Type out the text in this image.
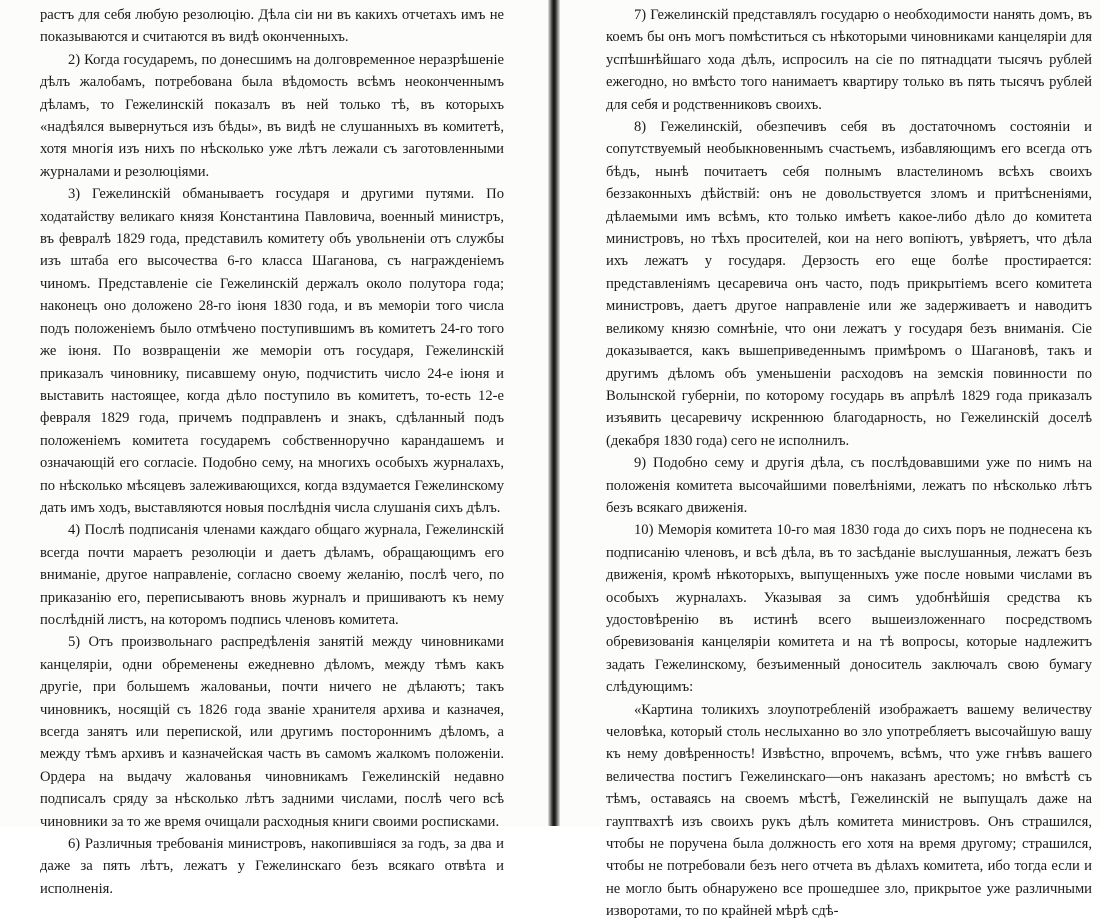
растъ для себя любую резолюцію. Дѣла сіи ни въ какихъ отчетахъ имъ не показываются и считаются въ видѣ оконченныхъ.

2) Когда государемъ, по донесшимъ на долговременное неразрѣшеніе дѣлъ жалобамъ, потребована была вѣдомость всѣмъ неоконченнымъ дѣламъ, то Гежелинскій показалъ въ ней только тѣ, въ которыхъ «надѣялся вывернуться изъ бѣды», въ видѣ не слушанныхъ въ комитетѣ, хотя многія изъ нихъ по нѣсколько уже лѣтъ лежали съ заготовленными журналами и резолюціями.

3) Гежелинскій обманываетъ государя и другими путями. По ходатайству великаго князя Константина Павловича, военный министръ, въ февралѣ 1829 года, представилъ комитету объ увольненіи отъ службы изъ штаба его высочества 6-го класса Шаганова, съ награжденіемъ чиномъ. Представленіе сіе Гежелинскій держалъ около полутора года; наконецъ оно доложено 28-го іюня 1830 года, и въ меморіи того числа подъ положеніемъ было отмѣчено поступившимъ въ комитетъ 24-го того же іюня. По возвращеніи же меморіи отъ государя, Гежелинскій приказалъ чиновнику, писавшему оную, подчистить число 24-е іюня и выставить настоящее, когда дѣло поступило въ комитетъ, то-есть 12-е февраля 1829 года, причемъ подправленъ и знакъ, сдѣланный подъ положеніемъ комитета государемъ собственноручно карандашемъ и означающій его согласіе. Подобно сему, на многихъ особыхъ журналахъ, по нѣсколько мѣсяцевъ залеживающихся, когда вздумается Гежелинскому дать имъ ходъ, выставляются новыя послѣднія числа слушанія сихъ дѣлъ.

4) Послѣ подписанія членами каждаго общаго журнала, Гежелинскій всегда почти мараетъ резолюціи и даетъ дѣламъ, обращающимъ его вниманіе, другое направленіе, согласно своему желанію, послѣ чего, по приказанію его, переписываютъ вновь журналъ и пришиваютъ къ нему послѣдній листъ, на которомъ подпись членовъ комитета.

5) Отъ произвольнаго распредѣленія занятій между чиновниками канцеляріи, одни обременены ежедневно дѣломъ, между тѣмъ какъ другіе, при большемъ жалованьи, почти ничего не дѣлаютъ; такъ чиновникъ, носящій съ 1826 года званіе хранителя архива и казначея, всегда занятъ или перепиской, или другимъ постороннимъ дѣломъ, а между тѣмъ архивъ и казначейская часть въ самомъ жалкомъ положеніи. Ордера на выдачу жалованья чиновникамъ Гежелинскій недавно подписалъ сряду за нѣсколько лѣтъ задними числами, послѣ чего всѣ чиновники за то же время очищали расходныя книги своими росписками.

6) Различныя требованія министровъ, накопившіяся за годъ, за два и даже за пять лѣтъ, лежатъ у Гежелинскаго безъ всякаго отвѣта и исполненія.

7) Гежелинскій представлялъ государю о необходимости нанять домъ, въ коемъ бы онъ могъ помѣститься съ нѣкоторыми чиновниками канцеляріи для успѣшнѣйшаго хода дѣлъ, испросилъ на сіе по пятнадцати тысячъ рублей ежегодно, но вмѣсто того нанимаетъ квартиру только въ пять тысячъ рублей для себя и родственниковъ своихъ.

8) Гежелинскій, обезпечивъ себя въ достаточномъ состояніи и сопутствуемый необыкновеннымъ счастьемъ, избавляющимъ его всегда отъ бѣдъ, нынѣ почитаетъ себя полнымъ властелиномъ всѣхъ своихъ беззаконныхъ дѣйствій: онъ не довольствуется зломъ и притѣсненіями, дѣлаемыми имъ всѣмъ, кто только имѣетъ какое-либо дѣло до комитета министровъ, но тѣхъ просителей, кои на него вопіютъ, увѣряетъ, что дѣла ихъ лежатъ у государя. Дерзость его еще болѣе простирается: представленіямъ цесаревича онъ часто, подъ прикрытіемъ всего комитета министровъ, даетъ другое направленіе или же задерживаетъ и наводитъ великому князю сомнѣніе, что они лежатъ у государя безъ вниманія. Сіе доказывается, какъ вышеприведеннымъ примѣромъ о Шагановѣ, такъ и другимъ дѣломъ объ уменьшеніи расходовъ на земскія повинности по Волынской губерніи, по которому государь въ апрѣлѣ 1829 года приказалъ изъявить цесаревичу искреннюю благодарность, но Гежелинскій доселѣ (декабря 1830 года) сего не исполнилъ.

9) Подобно сему и другія дѣла, съ послѣдовавшими уже по нимъ на положенія комитета высочайшими повелѣніями, лежатъ по нѣсколько лѣтъ безъ всякаго движенія.

10) Меморія комитета 10-го мая 1830 года до сихъ поръ не поднесена къ подписанію членовъ, и всѣ дѣла, въ то засѣданіе выслушанныя, лежатъ безъ движенія, кромѣ нѣкоторыхъ, выпущенныхъ уже после новыми числами въ особыхъ журналахъ. Указывая за симъ удобнѣйшія средства къ удостовѣренію въ истинѣ всего вышеизложеннаго посредствомъ обревизованія канцеляріи комитета и на тѣ вопросы, которые надлежитъ задать Гежелинскому, безъименный доноситель заключалъ свою бумагу слѣдующимъ:

«Картина толикихъ злоупотребленій изображаетъ вашему величеству человѣка, который столь неслыханно во зло употребляетъ высочайшую вашу къ нему довѣренность! Извѣстно, впрочемъ, всѣмъ, что уже гнѣвъ вашего величества постигъ Гежелинскаго—онъ наказанъ арестомъ; но вмѣстѣ съ тѣмъ, оставаясь на своемъ мѣстѣ, Гежелинскій не выпущалъ даже на гауптвахтѣ изъ своихъ рукъ дѣлъ комитета министровъ. Онъ страшился, чтобы не поручена была должность его хотя на время другому; страшился, чтобы не потребовали безъ него отчета въ дѣлахъ комитета, ибо тогда если и не могло быть обнаружено все прошедшее зло, прикрытое уже различными изворотами, то по крайней мѣрѣ сдѣ-
